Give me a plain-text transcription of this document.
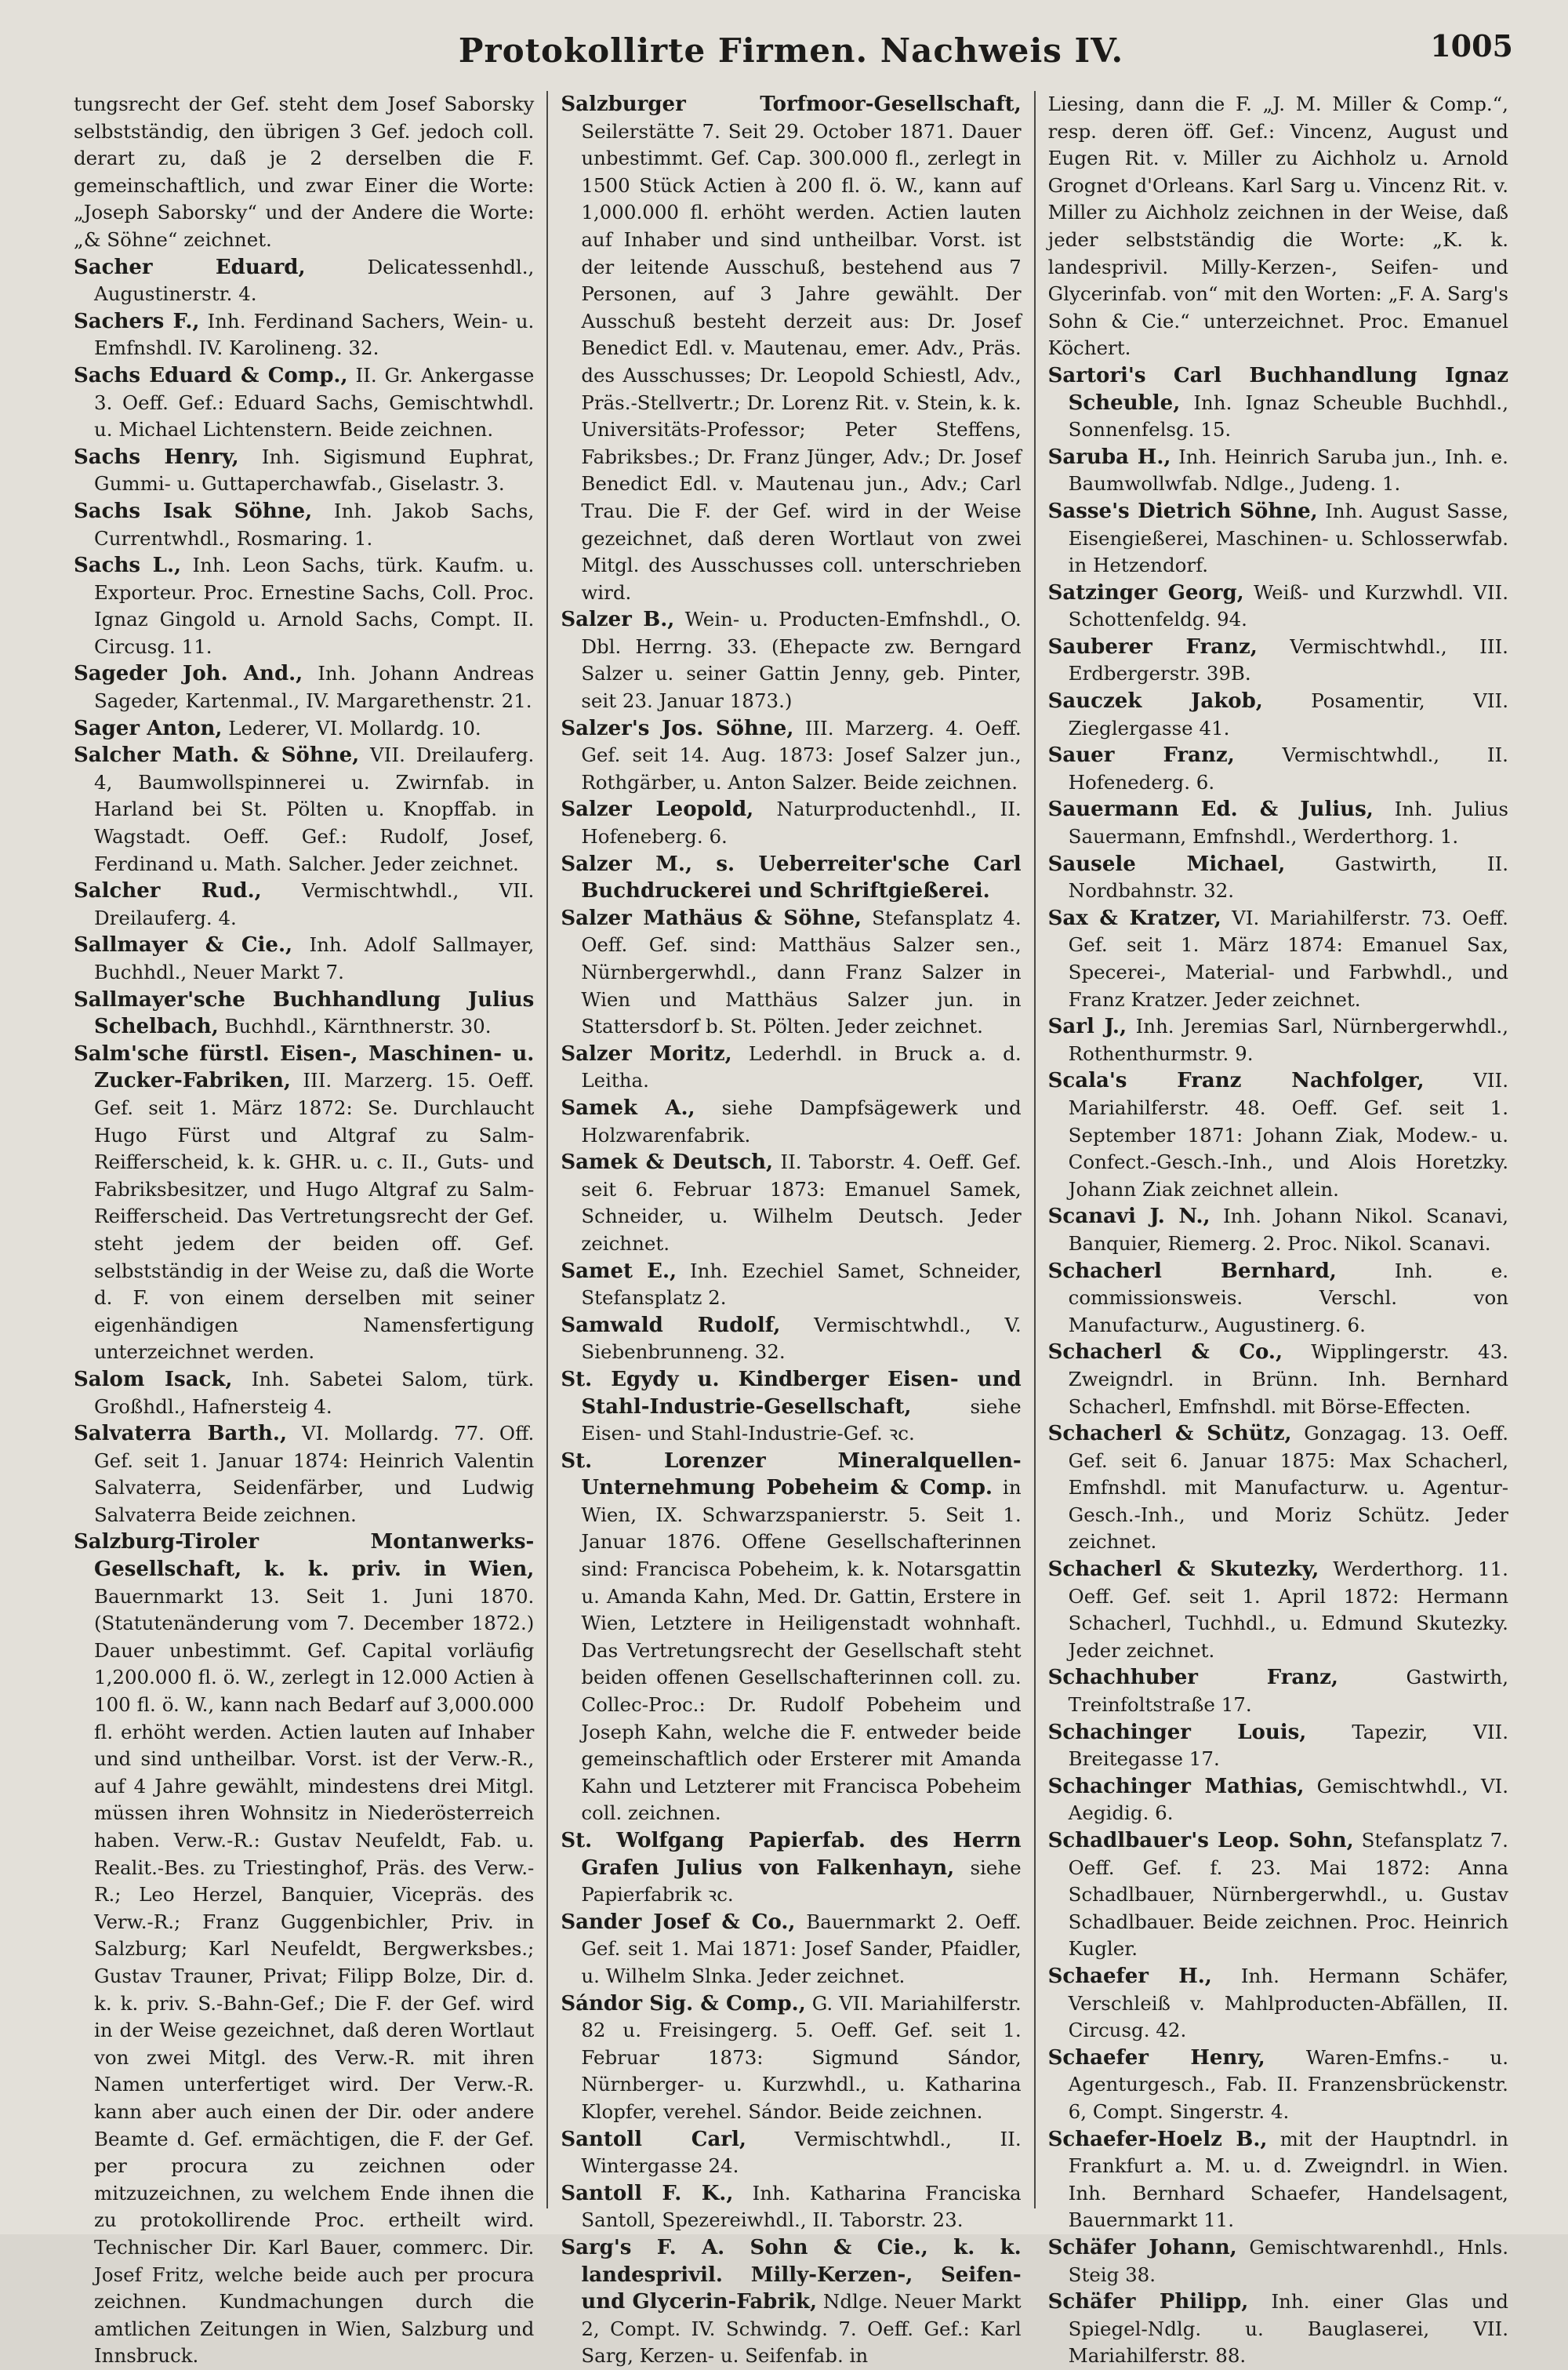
Protokollirte Firmen. Nachweis IV.	1005
tungsrecht der Gef. steht dem Josef Saborsky selbstständig, den übrigen 3 Gef. jedoch coll. derart zu, daß je 2 derselben die F. gemeinschaftlich, und zwar Einer die Worte: „Joseph Saborsky“ und der Andere die Worte: „& Söhne“ zeichnet.
Sacher Eduard,	Delicatessenhdl., Augustinerstr. 4.
Sachers F., Inh. Ferdinand Sachers, Wein- u. Emfnshdl. IV. Karolineng. 32.
Sachs Eduard & Comp., II. Gr. Ankergasse 3. Oeff. Gef.: Eduard Sachs, Gemischtwhdl. u. Michael Lichtenstern. Beide zeichnen.
Sachs Henry, Inh. Sigismund Euphrat, Gummi- u. Guttaperchawfab., Giselastr. 3.
Sachs Isak Söhne, Inh. Jakob Sachs, Currentwhdl., Rosmaring. 1.
Sachs L., Inh. Leon Sachs, türk. Kaufm. u. Exporteur. Proc. Ernestine Sachs, Coll. Proc. Ignaz Gingold u. Arnold Sachs, Compt. II. Circusg. 11.
Sageder Joh. And., Inh. Johann Andreas Sageder, Kartenmal., IV. Margarethenstr. 21.
Sager Anton, Lederer, VI. Mollardg. 10.
Salcher Math. & Söhne, VII. Dreilauferg. 4, Baumwollspinnerei u. Zwirnfab. in Harland bei St. Pölten u. Knopffab. in Wagstadt. Oeff. Gef.: Rudolf, Josef, Ferdinand u. Math. Salcher. Jeder zeichnet.
Salcher Rud., Vermischtwhdl., VII. Dreilauferg. 4.
Sallmayer & Cie., Inh. Adolf Sallmayer, Buchhdl., Neuer Markt 7.
Sallmayer'sche Buchhandlung Julius Schelbach, Buchhdl., Kärnthnerstr. 30.
Salm'sche fürstl. Eisen-, Maschinen- u. Zucker-Fabriken, III. Marzerg. 15. Oeff. Gef. seit 1. März 1872: Se. Durchlaucht Hugo Fürst und Altgraf zu Salm-Reifferscheid, k. k. GHR. u. c. II., Guts- und Fabriksbesitzer, und Hugo Altgraf zu Salm-Reifferscheid. Das Vertretungsrecht der Gef. steht jedem der beiden off. Gef. selbstständig in der Weise zu, daß die Worte d. F. von einem derselben mit seiner eigenhändigen Namensfertigung unterzeichnet werden.
Salom Isack, Inh. Sabetei Salom, türk. Großhdl., Hafnersteig 4.
Salvaterra Barth., VI. Mollardg. 77. Off. Gef. seit 1. Januar 1874: Heinrich Valentin Salvaterra, Seidenfärber, und Ludwig Salvaterra Beide zeichnen.
Salzburg-Tiroler Montanwerks-Gesellschaft, k. k. priv. in Wien, Bauernmarkt 13. Seit 1. Juni 1870. (Statutenänderung vom 7. December 1872.) Dauer unbestimmt. Gef. Capital vorläufig 1,200.000 fl. ö. W., zerlegt in 12.000 Actien à 100 fl. ö. W., kann nach Bedarf auf 3,000.000 fl. erhöht werden. Actien lauten auf Inhaber und sind untheilbar. Vorst. ist der Verw.-R., auf 4 Jahre gewählt, mindestens drei Mitgl. müssen ihren Wohnsitz in Niederösterreich haben. Verw.-R.: Gustav Neufeldt, Fab. u. Realit.-Bes. zu Triestinghof, Präs. des Verw.-R.; Leo Herzel, Banquier, Vicepräs. des Verw.-R.; Franz Guggenbichler, Priv. in Salzburg; Karl Neufeldt, Bergwerksbes.; Gustav Trauner, Privat; Filipp Bolze, Dir. d. k. k. priv. S.-Bahn-Gef.; Die F. der Gef. wird in der Weise gezeichnet, daß deren Wortlaut von zwei Mitgl. des Verw.-R. mit ihren Namen unterfertiget wird. Der Verw.-R. kann aber auch einen der Dir. oder andere Beamte d. Gef. ermächtigen, die F. der Gef. per procura zu zeichnen oder mitzuzeichnen, zu welchem Ende ihnen die zu protokollirende Proc. ertheilt wird. Technischer Dir. Karl Bauer, commerc. Dir. Josef Fritz, welche beide auch per procura zeichnen. Kundmachungen durch die amtlichen Zeitungen in Wien, Salzburg und Innsbruck.
Salzburger Torfmoor-Gesellschaft, Seilerstätte 7. Seit 29. October 1871. Dauer unbestimmt. Gef. Cap. 300.000 fl., zerlegt in 1500 Stück Actien à 200 fl. ö. W., kann auf 1,000.000 fl. erhöht werden. Actien lauten auf Inhaber und sind untheilbar. Vorst. ist der leitende Ausschuß, bestehend aus 7 Personen, auf 3 Jahre gewählt. Der Ausschuß besteht derzeit aus: Dr. Josef Benedict Edl. v. Mautenau, emer. Adv., Präs. des Ausschusses; Dr. Leopold Schiestl, Adv., Präs.-Stellvertr.; Dr. Lorenz Rit. v. Stein, k. k. Universitäts-Professor; Peter Steffens, Fabriksbes.; Dr. Franz Jünger, Adv.; Dr. Josef Benedict Edl. v. Mautenau jun., Adv.; Carl Trau. Die F. der Gef. wird in der Weise gezeichnet, daß deren Wortlaut von zwei Mitgl. des Ausschusses coll. unterschrieben wird.
Salzer B., Wein- u. Producten-Emfnshdl., O. Dbl. Herrng. 33. (Ehepacte zw. Berngard Salzer u. seiner Gattin Jenny, geb. Pinter, seit 23. Januar 1873.)
Salzer's Jos. Söhne, III. Marzerg. 4. Oeff. Gef. seit 14. Aug. 1873: Josef Salzer jun., Rothgärber, u. Anton Salzer. Beide zeichnen.
Salzer Leopold, Naturproductenhdl., II. Hofeneberg. 6.
Salzer M., s. Ueberreiter'sche Carl Buchdruckerei und Schriftgießerei.
Salzer Mathäus & Söhne, Stefansplatz 4. Oeff. Gef. sind: Matthäus Salzer sen., Nürnbergerwhdl., dann Franz Salzer in Wien und Matthäus Salzer jun. in Stattersdorf b. St. Pölten. Jeder zeichnet.
Salzer Moritz, Lederhdl. in Bruck a. d. Leitha.
Samek A., siehe Dampfsägewerk und Holzwarenfabrik.
Samek & Deutsch, II. Taborstr. 4. Oeff. Gef. seit 6. Februar 1873: Emanuel Samek, Schneider, u. Wilhelm Deutsch. Jeder zeichnet.
Samet E., Inh. Ezechiel Samet, Schneider, Stefansplatz 2.
Samwald Rudolf, Vermischtwhdl., V. Siebenbrunneng. 32.
St. Egydy u. Kindberger Eisen- und Stahl-Industrie-Gesellschaft,	siehe Eisen- und Stahl-Industrie-Gef. ꝛc.
St. Lorenzer Mineralquellen-Unternehmung Pobeheim & Comp. in Wien, IX. Schwarzspanierstr. 5. Seit 1. Januar 1876. Offene Gesellschafterinnen sind: Francisca Pobeheim, k. k. Notarsgattin u. Amanda Kahn, Med. Dr. Gattin, Erstere in Wien, Letztere in Heiligenstadt wohnhaft. Das Vertretungsrecht der Gesellschaft steht beiden offenen Gesellschafterinnen coll. zu. Collec-Proc.: Dr. Rudolf Pobeheim und Joseph Kahn, welche die F. entweder beide gemeinschaftlich oder Ersterer mit Amanda Kahn und Letzterer mit Francisca Pobeheim coll. zeichnen.
St. Wolfgang Papierfab. des Herrn Grafen Julius von Falkenhayn, siehe Papierfabrik ꝛc.
Sander Josef & Co., Bauernmarkt 2. Oeff. Gef. seit 1. Mai 1871: Josef Sander, Pfaidler, u. Wilhelm Slnka. Jeder zeichnet.
Sándor Sig. & Comp., G. VII. Mariahilferstr. 82 u. Freisingerg. 5. Oeff. Gef. seit 1. Februar 1873: Sigmund Sándor, Nürnberger- u. Kurzwhdl., u. Katharina Klopfer, verehel. Sándor. Beide zeichnen.
Santoll Carl,	Vermischtwhdl., II. Wintergasse 24.
Santoll F. K., Inh. Katharina Franciska Santoll, Spezereiwhdl., II. Taborstr. 23.
Sarg's F. A. Sohn & Cie., k. k. landesprivil. Milly-Kerzen-, Seifen- und Glycerin-Fabrik, Ndlge. Neuer Markt 2, Compt. IV. Schwindg. 7. Oeff. Gef.: Karl Sarg, Kerzen- u. Seifenfab. in
Liesing, dann die F. „J. M. Miller & Comp.“, resp. deren öff. Gef.: Vincenz, August und Eugen Rit. v. Miller zu Aichholz u. Arnold Grognet d'Orleans. Karl Sarg u. Vincenz Rit. v. Miller zu Aichholz zeichnen in der Weise, daß jeder selbstständig die Worte: „K. k. landesprivil. Milly-Kerzen-, Seifen- und Glycerinfab. von“ mit den Worten: „F. A. Sarg's Sohn & Cie.“ unterzeichnet. Proc. Emanuel Köchert.
Sartori's Carl Buchhandlung Ignaz Scheuble, Inh. Ignaz Scheuble Buchhdl., Sonnenfelsg. 15.
Saruba H., Inh. Heinrich Saruba jun., Inh. e. Baumwollwfab. Ndlge., Judeng. 1.
Sasse's Dietrich Söhne, Inh. August Sasse, Eisengießerei, Maschinen- u. Schlosserwfab. in Hetzendorf.
Satzinger Georg, Weiß- und Kurzwhdl. VII. Schottenfeldg. 94.
Sauberer Franz, Vermischtwhdl., III. Erdbergerstr. 39B.
Sauczek Jakob,	Posamentir, VII. Zieglergasse 41.
Sauer Franz, Vermischtwhdl., II. Hofenederg. 6.
Sauermann Ed. & Julius, Inh. Julius Sauermann, Emfnshdl., Werderthorg. 1.
Sausele Michael,	Gastwirth, II. Nordbahnstr. 32.
Sax & Kratzer, VI. Mariahilferstr. 73. Oeff. Gef. seit 1. März 1874: Emanuel Sax, Specerei-, Material- und Farbwhdl., und Franz Kratzer. Jeder zeichnet.
Sarl J., Inh. Jeremias Sarl, Nürnbergerwhdl., Rothenthurmstr. 9.
Scala's Franz Nachfolger,	VII. Mariahilferstr. 48. Oeff. Gef. seit 1. September 1871: Johann Ziak, Modew.- u. Confect.-Gesch.-Inh., und Alois Horetzky. Johann Ziak zeichnet allein.
Scanavi J. N., Inh. Johann Nikol. Scanavi, Banquier, Riemerg. 2. Proc. Nikol. Scanavi.
Schacherl Bernhard,	Inh. e. commissionsweis. Verschl. von Manufacturw., Augustinerg. 6.
Schacherl & Co., Wipplingerstr. 43. Zweigndrl. in Brünn. Inh. Bernhard Schacherl, Emfnshdl. mit Börse-Effecten.
Schacherl & Schütz, Gonzagag. 13. Oeff. Gef. seit 6. Januar 1875: Max Schacherl, Emfnshdl. mit Manufacturw. u. Agentur-Gesch.-Inh., und Moriz Schütz. Jeder zeichnet.
Schacherl & Skutezky, Werderthorg. 11. Oeff. Gef. seit 1. April 1872: Hermann Schacherl, Tuchhdl., u. Edmund Skutezky. Jeder zeichnet.
Schachhuber Franz,	Gastwirth, Treinfoltstraße 17.
Schachinger Louis, Tapezir, VII. Breitegasse 17.
Schachinger Mathias, Gemischtwhdl., VI. Aegidig. 6.
Schadlbauer's Leop. Sohn, Stefansplatz 7. Oeff. Gef. f. 23. Mai 1872: Anna Schadlbauer, Nürnbergerwhdl., u. Gustav Schadlbauer. Beide zeichnen. Proc. Heinrich Kugler.
Schaefer H., Inh. Hermann Schäfer, Verschleiß v. Mahlproducten-Abfällen, II. Circusg. 42.
Schaefer Henry, Waren-Emfns.- u. Agenturgesch., Fab. II. Franzensbrückenstr. 6, Compt. Singerstr. 4.
Schaefer-Hoelz B., mit der Hauptndrl. in Frankfurt a. M. u. d. Zweigndrl. in Wien. Inh. Bernhard Schaefer, Handelsagent, Bauernmarkt 11.
Schäfer Johann, Gemischtwarenhdl., Hnls. Steig 38.
Schäfer Philipp, Inh. einer Glas und Spiegel-Ndlg. u. Bauglaserei, VII. Mariahilferstr. 88.
